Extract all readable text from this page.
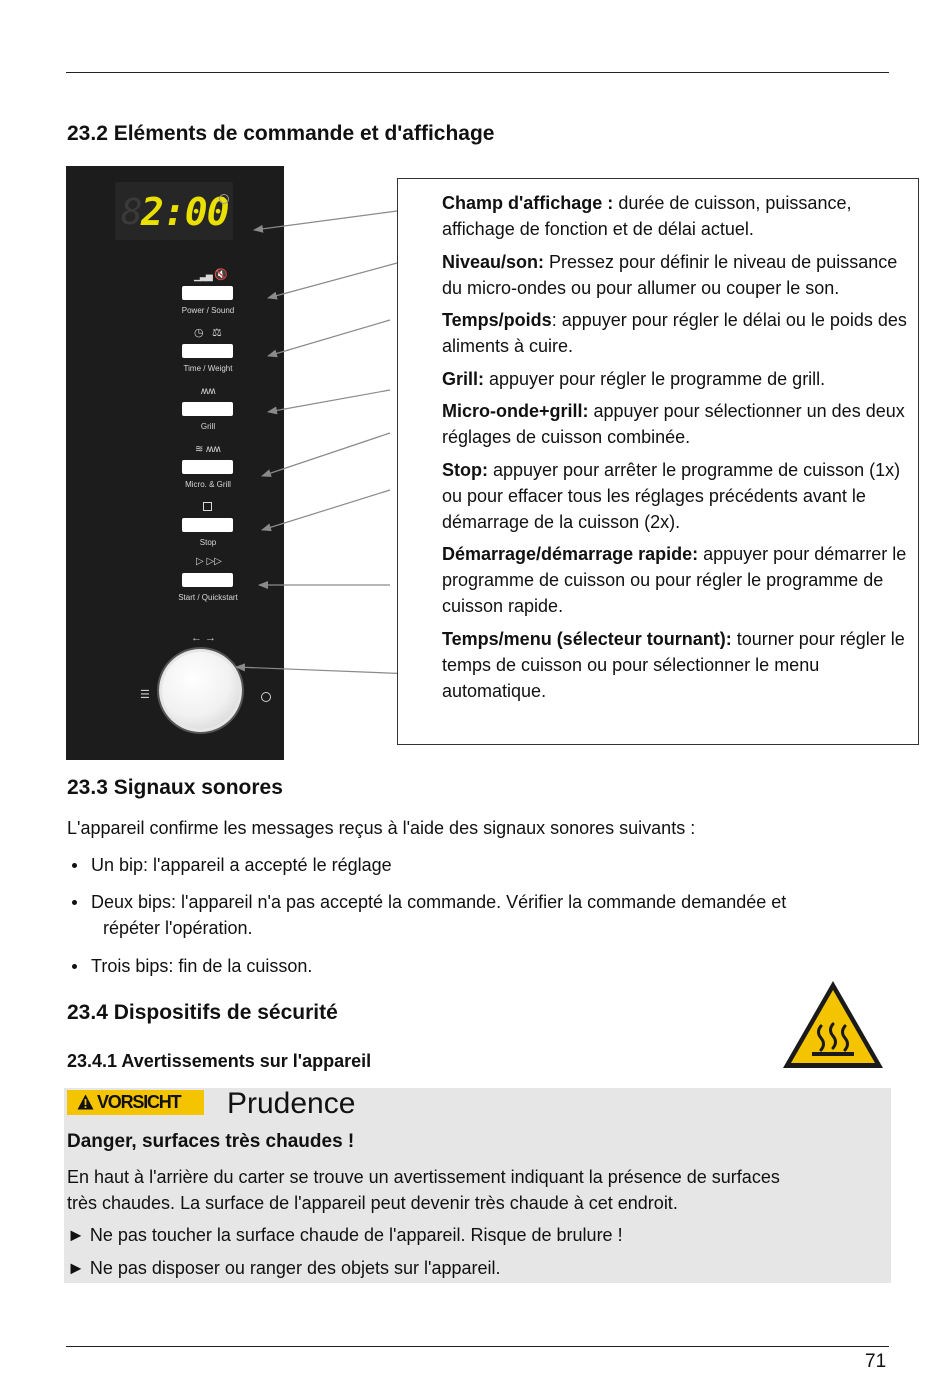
23.2 Eléments de commande et d'affichage
8
2:00
▁▃▅ 🔇
Power / Sound
◷ ⚖
Time / Weight
ʍʍ
Grill
≋ ʍʍ
Micro. & Grill
Stop
▷ ▷▷
Start / Quickstart
←→
☰

Champ d'affichage : durée de cuisson, puissance, affichage de fonction et de délai actuel.

Niveau/son: Pressez pour définir le niveau de puissance du micro-ondes ou pour allumer ou couper le son.

Temps/poids: appuyer pour régler le délai ou le poids des aliments à cuire.

Grill: appuyer pour régler le programme de grill.

Micro-onde+grill: appuyer pour sélectionner un des deux réglages de cuisson combinée.

Stop: appuyer pour arrêter le programme de cuisson (1x) ou pour effacer tous les réglages précédents avant le démarrage de la cuisson (2x).

Démarrage/démarrage rapide: appuyer pour démarrer le programme de cuisson ou pour régler le programme de cuisson rapide.

Temps/menu (sélecteur tournant): tourner pour régler le temps de cuisson ou pour sélectionner le menu automatique.

23.3 Signaux sonores
L'appareil confirme les messages reçus à l'aide des signaux sonores suivants :
Un bip: l'appareil a accepté le réglage
Deux bips: l'appareil n'a pas accepté la commande. Vérifier la commande demandée et
répéter l'opération.
Trois bips: fin de la cuisson.
23.4 Dispositifs de sécurité
23.4.1 Avertissements sur l'appareil
VORSICHT Prudence
Danger, surfaces très chaudes !
En haut à l'arrière du carter se trouve un avertissement indiquant la présence de surfaces
très chaudes. La surface de l'appareil peut devenir très chaude à cet endroit.
► Ne pas toucher la surface chaude de l'appareil. Risque de brulure !
► Ne pas disposer ou ranger des objets sur l'appareil.
71
